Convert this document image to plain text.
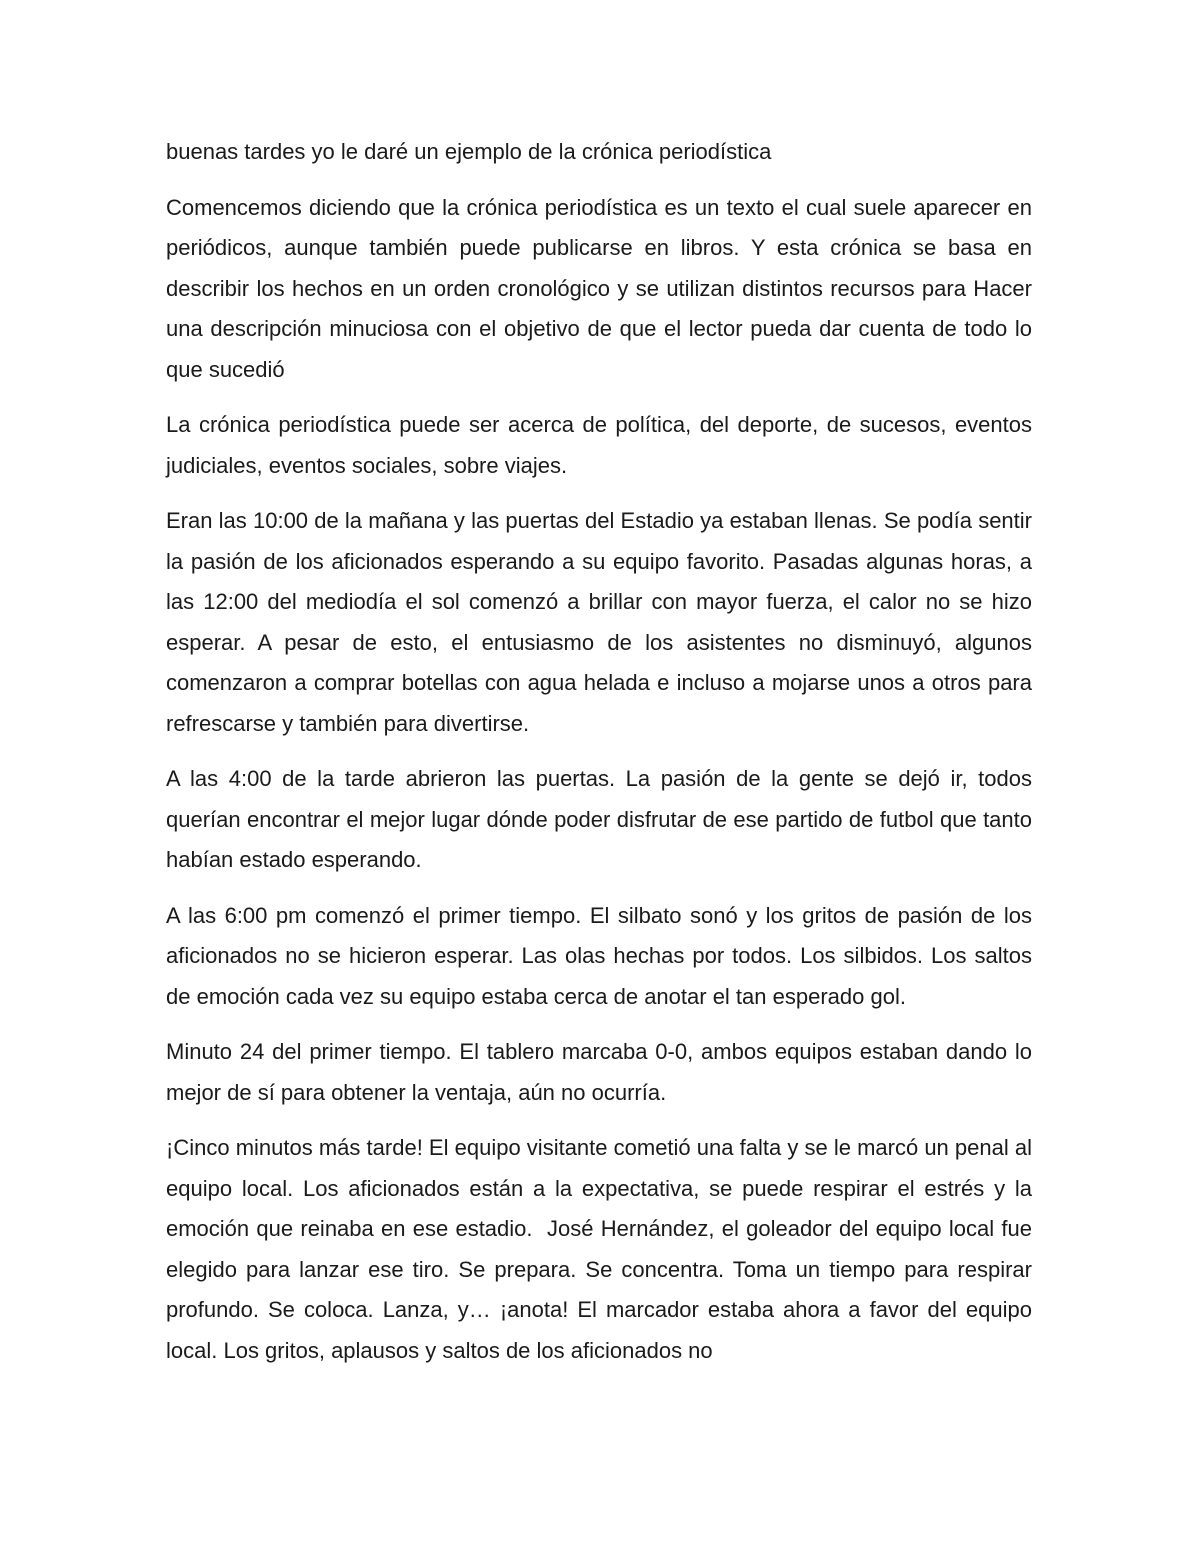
buenas tardes yo le daré un ejemplo de la crónica periodística

Comencemos diciendo que la crónica periodística es un texto el cual suele aparecer en periódicos, aunque también puede publicarse en libros. Y esta crónica se basa en describir los hechos en un orden cronológico y se utilizan distintos recursos para Hacer una descripción minuciosa con el objetivo de que el lector pueda dar cuenta de todo lo que sucedió

La crónica periodística puede ser acerca de política, del deporte, de sucesos, eventos judiciales, eventos sociales, sobre viajes.

Eran las 10:00 de la mañana y las puertas del Estadio ya estaban llenas. Se podía sentir la pasión de los aficionados esperando a su equipo favorito. Pasadas algunas horas, a las 12:00 del mediodía el sol comenzó a brillar con mayor fuerza, el calor no se hizo esperar. A pesar de esto, el entusiasmo de los asistentes no disminuyó, algunos comenzaron a comprar botellas con agua helada e incluso a mojarse unos a otros para refrescarse y también para divertirse.

A las 4:00 de la tarde abrieron las puertas. La pasión de la gente se dejó ir, todos querían encontrar el mejor lugar dónde poder disfrutar de ese partido de futbol que tanto habían estado esperando.

A las 6:00 pm comenzó el primer tiempo. El silbato sonó y los gritos de pasión de los aficionados no se hicieron esperar. Las olas hechas por todos. Los silbidos. Los saltos de emoción cada vez su equipo estaba cerca de anotar el tan esperado gol.

Minuto 24 del primer tiempo. El tablero marcaba 0-0, ambos equipos estaban dando lo mejor de sí para obtener la ventaja, aún no ocurría.

¡Cinco minutos más tarde! El equipo visitante cometió una falta y se le marcó un penal al equipo local. Los aficionados están a la expectativa, se puede respirar el estrés y la emoción que reinaba en ese estadio.  José Hernández, el goleador del equipo local fue elegido para lanzar ese tiro. Se prepara. Se concentra. Toma un tiempo para respirar profundo. Se coloca. Lanza, y… ¡anota! El marcador estaba ahora a favor del equipo local. Los gritos, aplausos y saltos de los aficionados no
